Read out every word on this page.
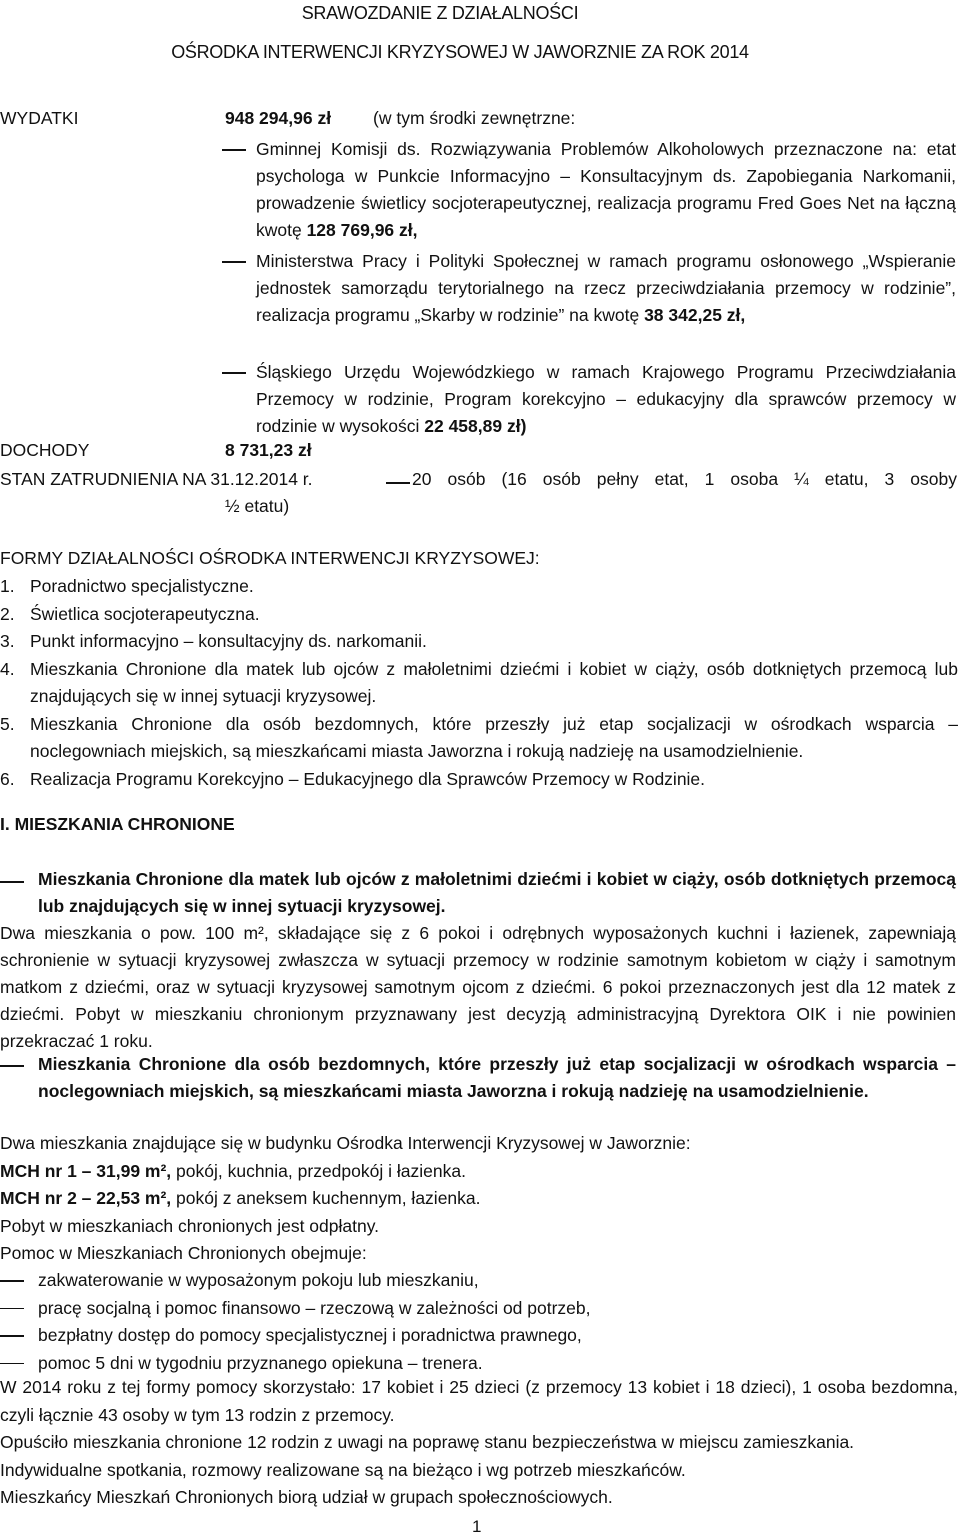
SRAWOZDANIE Z DZIAŁALNOŚCI
OŚRODKA INTERWENCJI KRYZYSOWEJ W JAWORZNIE ZA ROK 2014
WYDATKI	948 294,96 zł (w tym środki zewnętrzne:
Gminnej Komisji ds. Rozwiązywania Problemów Alkoholowych przeznaczone na: etat psychologa w Punkcie Informacyjno – Konsultacyjnym ds. Zapobiegania Narkomanii, prowadzenie świetlicy socjoterapeutycznej, realizacja programu Fred Goes Net na łączną kwotę 128 769,96 zł,
Ministerstwa Pracy i Polityki Społecznej w ramach programu osłonowego „Wspieranie jednostek samorządu terytorialnego na rzecz przeciwdziałania przemocy w rodzinie”, realizacja programu „Skarby w rodzinie” na kwotę 38 342,25 zł,
Śląskiego Urzędu Wojewódzkiego w ramach Krajowego Programu Przeciwdziałania Przemocy w rodzinie, Program korekcyjno – edukacyjny dla sprawców przemocy w rodzinie w wysokości 22 458,89 zł)
DOCHODY	8 731,23 zł
STAN ZATRUDNIENIA NA 31.12.2014 r.	20 osób (16 osób pełny etat, 1 osoba ¼ etatu, 3 osoby
½ etatu)
FORMY DZIAŁALNOŚCI OŚRODKA INTERWENCJI KRYZYSOWEJ:
1. Poradnictwo specjalistyczne.
2. Świetlica socjoterapeutyczna.
3. Punkt informacyjno – konsultacyjny ds. narkomanii.
4. Mieszkania Chronione dla matek lub ojców z małoletnimi dziećmi i kobiet w ciąży, osób dotkniętych przemocą lub znajdujących się w innej sytuacji kryzysowej.
5. Mieszkania Chronione dla osób bezdomnych, które przeszły już etap socjalizacji w ośrodkach wsparcia – noclegowniach miejskich, są mieszkańcami miasta Jaworzna i rokują nadzieję na usamodzielnienie.
6. Realizacja Programu Korekcyjno – Edukacyjnego dla Sprawców Przemocy w Rodzinie.
I. MIESZKANIA CHRONIONE
Mieszkania Chronione dla matek lub ojców z małoletnimi dziećmi i kobiet w ciąży, osób dotkniętych przemocą lub znajdujących się w innej sytuacji kryzysowej.
Dwa mieszkania o pow. 100 m², składające się z 6 pokoi i odrębnych wyposażonych kuchni i łazienek, zapewniają schronienie w sytuacji kryzysowej zwłaszcza w sytuacji przemocy w rodzinie samotnym kobietom w ciąży i samotnym matkom z dziećmi, oraz w sytuacji kryzysowej samotnym ojcom z dziećmi. 6 pokoi przeznaczonych jest dla 12 matek z dziećmi. Pobyt w mieszkaniu chronionym przyznawany jest decyzją administracyjną Dyrektora OIK i nie powinien przekraczać 1 roku.
Mieszkania Chronione dla osób bezdomnych, które przeszły już etap socjalizacji w ośrodkach wsparcia – noclegowniach miejskich, są mieszkańcami miasta Jaworzna i rokują nadzieję na usamodzielnienie.

Dwa mieszkania znajdujące się w budynku Ośrodka Interwencji Kryzysowej w Jaworznie:

MCH nr 1 – 31,99 m², pokój, kuchnia, przedpokój i łazienka.

MCH nr 2 – 22,53 m², pokój z aneksem kuchennym, łazienka.

Pobyt w mieszkaniach chronionych jest odpłatny.

Pomoc w Mieszkaniach Chronionych obejmuje:

zakwaterowanie w wyposażonym pokoju lub mieszkaniu,
pracę socjalną i pomoc finansowo – rzeczową w zależności od potrzeb,
bezpłatny dostęp do pomocy specjalistycznej i poradnictwa prawnego,
pomoc 5 dni w tygodniu przyznanego opiekuna – trenera.

W 2014 roku z tej formy pomocy skorzystało: 17 kobiet i 25 dzieci (z przemocy 13 kobiet i 18 dzieci), 1 osoba bezdomna, czyli łącznie 43 osoby w tym 13 rodzin z przemocy.

Opuściło mieszkania chronione 12 rodzin z uwagi na poprawę stanu bezpieczeństwa w miejscu zamieszkania.

Indywidualne spotkania, rozmowy realizowane są na bieżąco i wg potrzeb mieszkańców.

Mieszkańcy Mieszkań Chronionych biorą udział w grupach społecznościowych.

1
